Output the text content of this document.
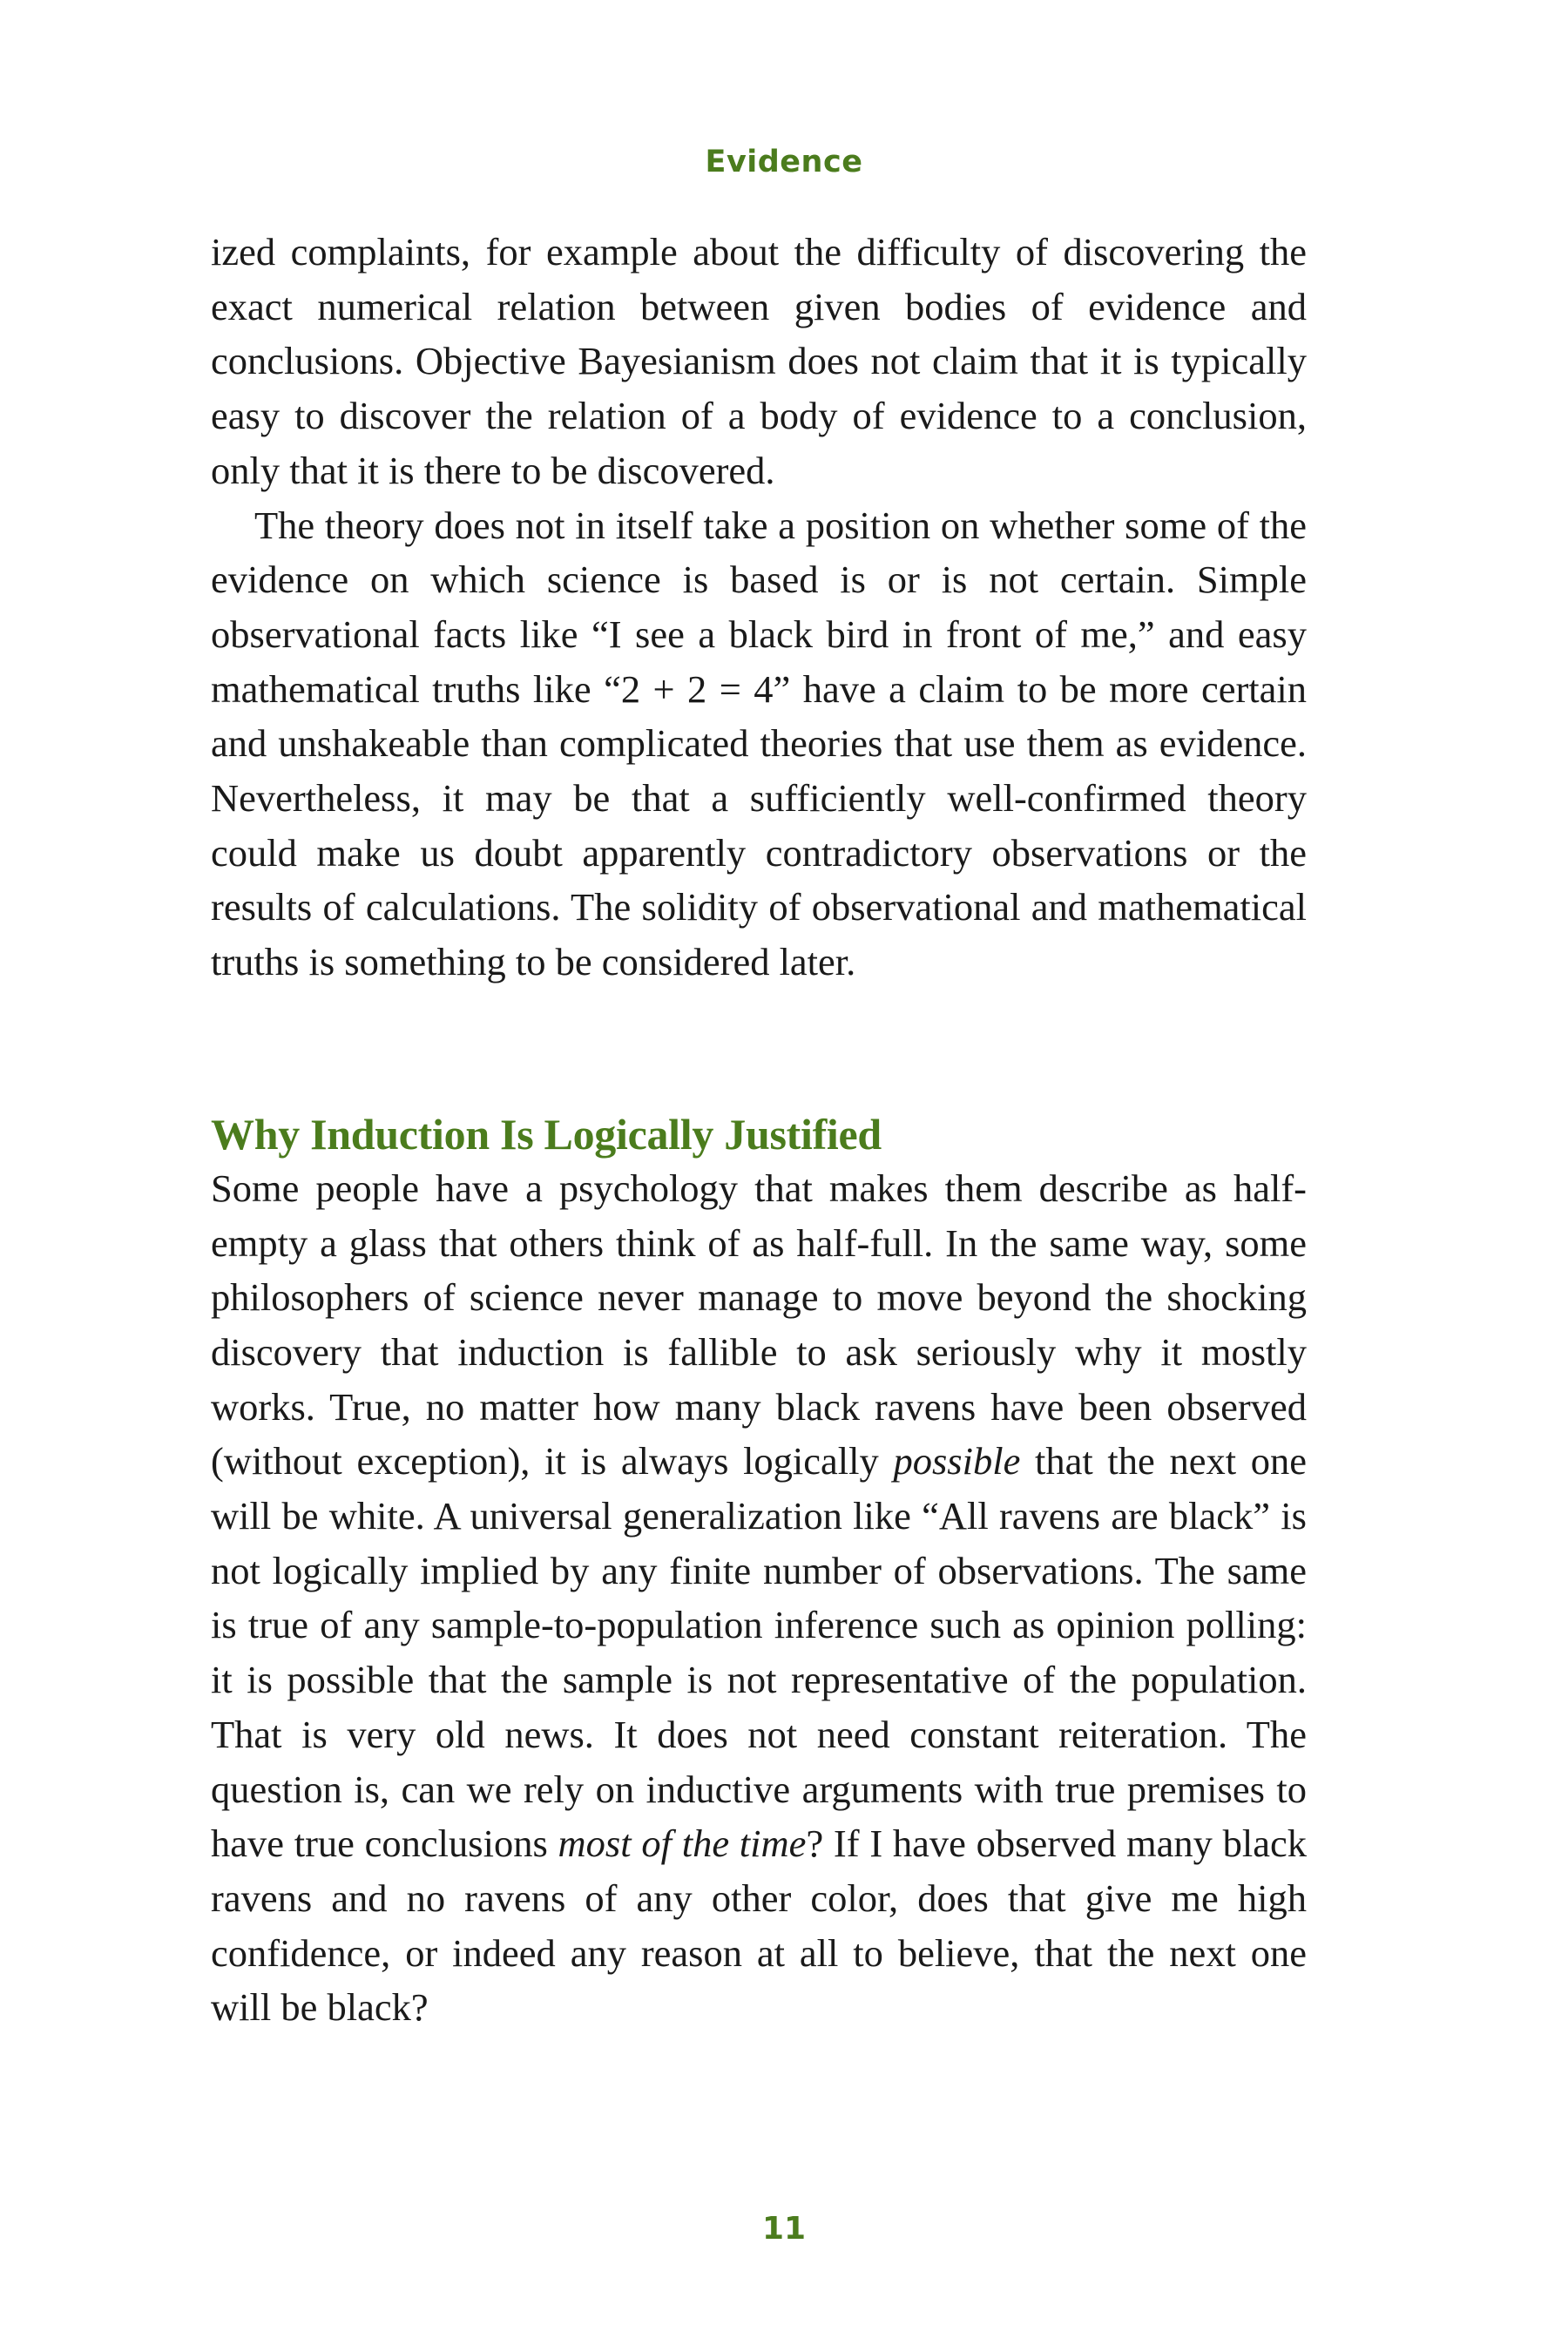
Evidence

ized complaints, for example about the difficulty of discovering the exact numerical relation between given bodies of evidence and conclusions. Objective Bayesianism does not claim that it is typically easy to discover the relation of a body of evidence to a conclusion, only that it is there to be discovered.

The theory does not in itself take a position on whether some of the evidence on which science is based is or is not certain. Simple observational facts like “I see a black bird in front of me,” and easy mathematical truths like “2 + 2 = 4” have a claim to be more certain and unshakeable than complicated theories that use them as evidence. Nevertheless, it may be that a sufficiently well-confirmed theory could make us doubt apparently contradictory observations or the results of calculations. The solidity of observational and mathematical truths is something to be considered later.

Why Induction Is Logically Justified

Some people have a psychology that makes them describe as half-empty a glass that others think of as half-full. In the same way, some philosophers of science never manage to move beyond the shocking discovery that induction is fallible to ask seriously why it mostly works. True, no matter how many black ravens have been observed (without exception), it is always logically possible that the next one will be white. A universal generalization like “All ravens are black” is not logically implied by any finite number of observations. The same is true of any sample-to-population inference such as opinion polling: it is possible that the sample is not representative of the population. That is very old news. It does not need constant reiteration. The question is, can we rely on inductive arguments with true premises to have true conclusions most of the time? If I have observed many black ravens and no ravens of any other color, does that give me high confidence, or indeed any reason at all to believe, that the next one will be black?

11
